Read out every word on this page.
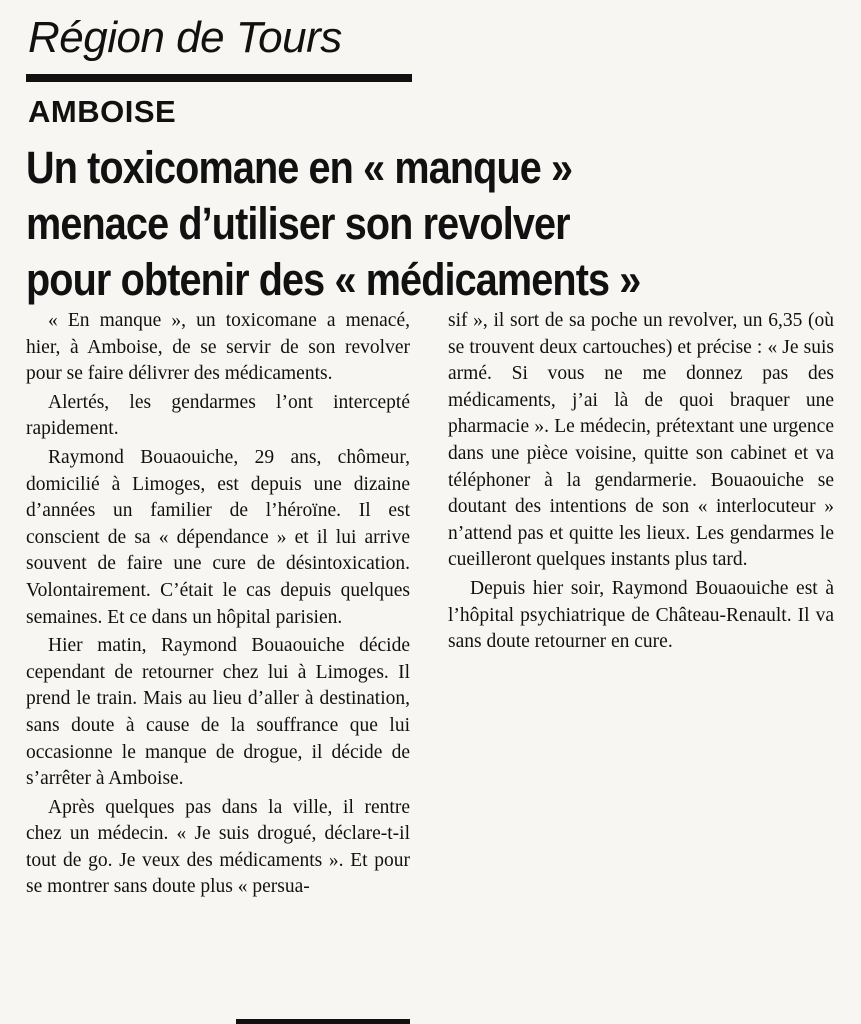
Région de Tours
AMBOISE
Un toxicomane en « manque »
menace d’utiliser son revolver
pour obtenir des « médicaments »

« En manque », un toxicomane a menacé, hier, à Amboise, de se servir de son revolver pour se faire délivrer des médicaments.

Alertés, les gendarmes l’ont intercepté rapidement.

Raymond Bouaouiche, 29 ans, chômeur, domicilié à Limoges, est depuis une dizaine d’années un familier de l’héroïne. Il est conscient de sa « dépendance » et il lui arrive souvent de faire une cure de désintoxication. Volontairement. C’était le cas depuis quelques semaines. Et ce dans un hôpital parisien.

Hier matin, Raymond Bouaouiche décide cependant de retourner chez lui à Limoges. Il prend le train. Mais au lieu d’aller à destination, sans doute à cause de la souffrance que lui occasionne le manque de drogue, il décide de s’arrêter à Amboise.

Après quelques pas dans la ville, il rentre chez un médecin. « Je suis drogué, déclare-t-il tout de go. Je veux des médicaments ». Et pour se montrer sans doute plus « persua-

sif », il sort de sa poche un revolver, un 6,35 (où se trouvent deux cartouches) et précise : « Je suis armé. Si vous ne me donnez pas des médicaments, j’ai là de quoi braquer une pharmacie ». Le médecin, prétextant une urgence dans une pièce voisine, quitte son cabinet et va téléphoner à la gendarmerie. Bouaouiche se doutant des intentions de son « interlocuteur » n’attend pas et quitte les lieux. Les gendarmes le cueilleront quelques instants plus tard.

Depuis hier soir, Raymond Bouaouiche est à l’hôpital psychiatrique de Château-Renault. Il va sans doute retourner en cure.
